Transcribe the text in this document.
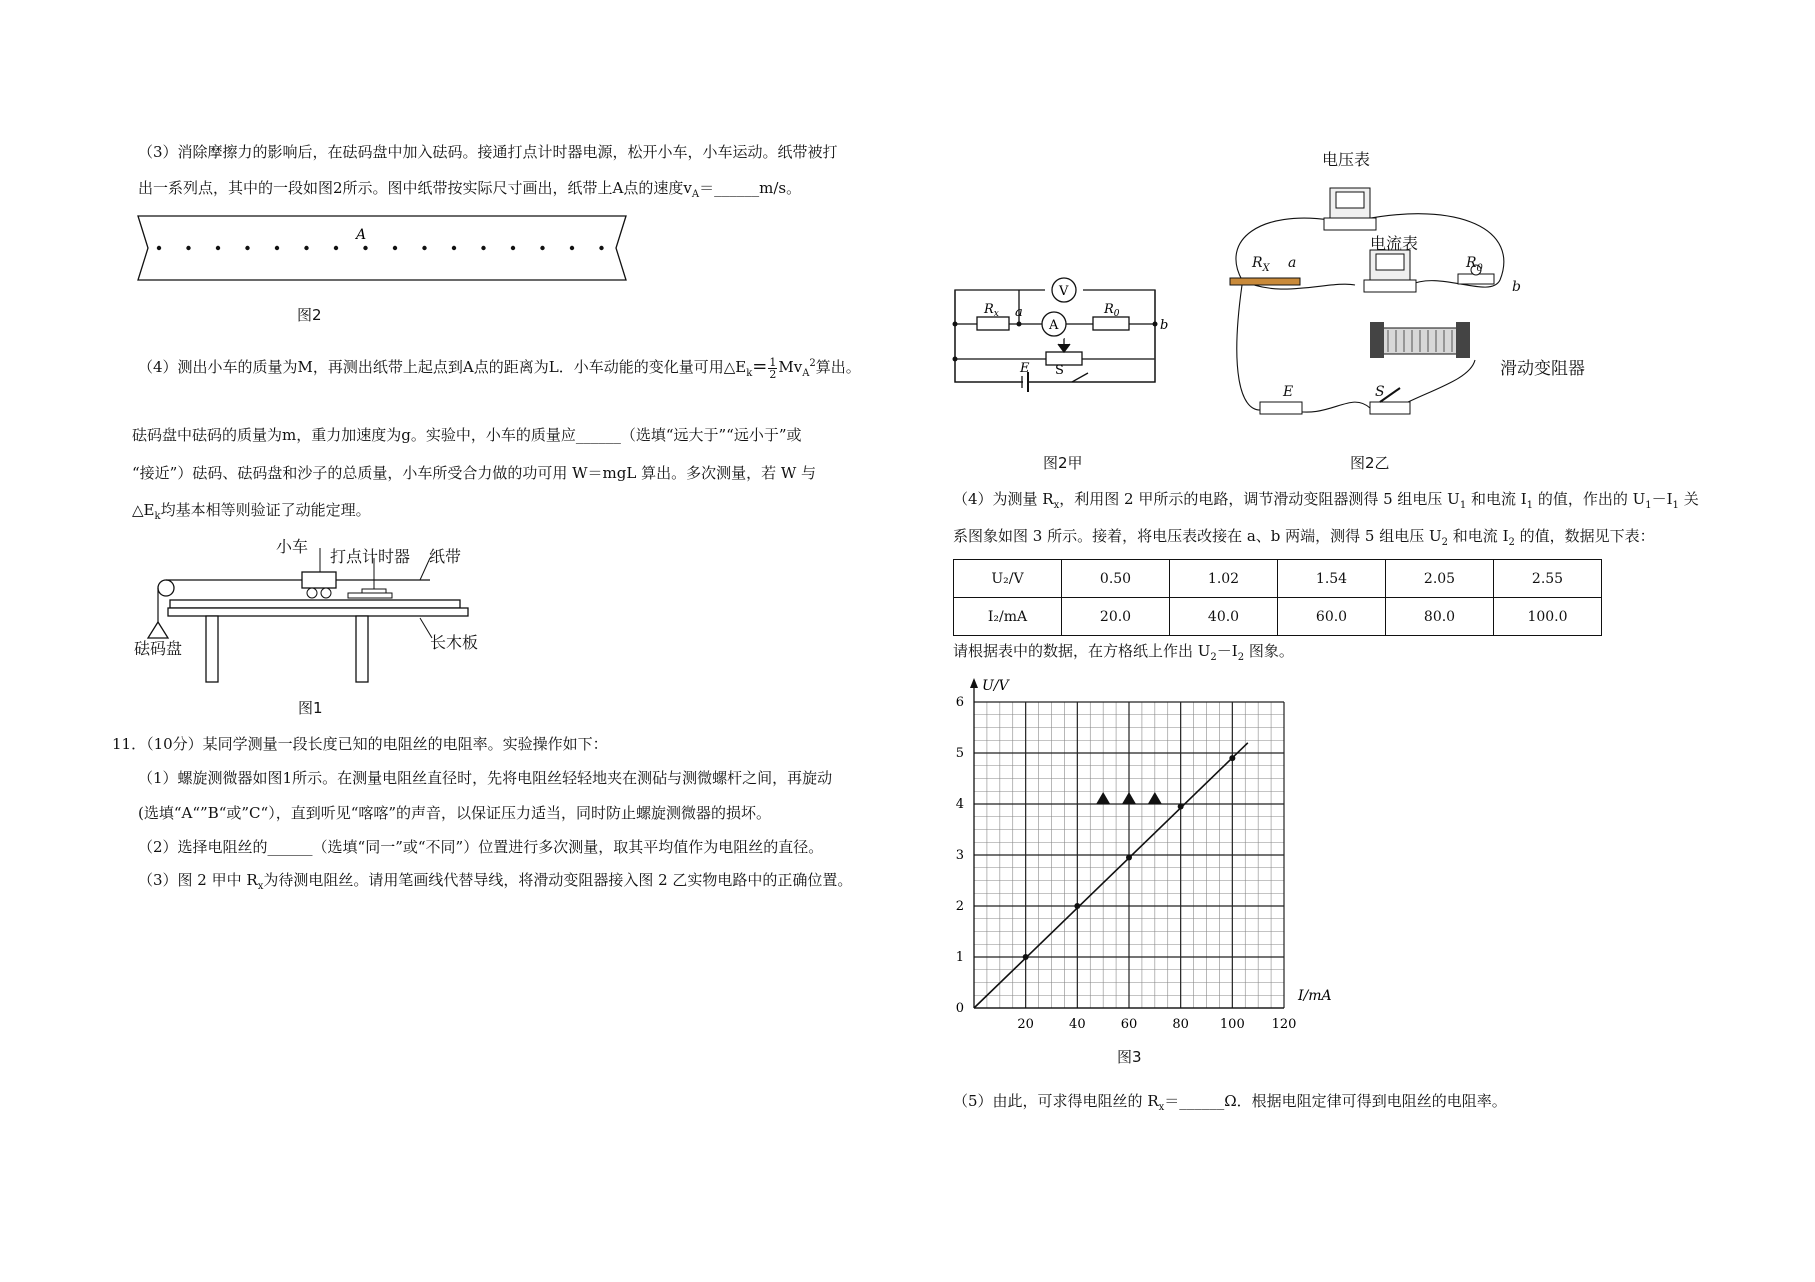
（3）消除摩擦力的影响后，在砝码盘中加入砝码。接通打点计时器电源，松开小车，小车运动。纸带被打
出一系列点，其中的一段如图2所示。图中纸带按实际尺寸画出，纸带上A点的速度$v_A=\_\_\_\_\_\_m/s$。
A
图2
（4）测出小车的质量为M，再测出纸带上起点到A点的距离为L．小车动能的变化量可用$\triangle E_k= \frac{1}{2} Mv_A^2$算出。
砝码盘中砝码的质量为m，重力加速度为g。实验中，小车的质量应______（选填“远大于”“远小于”或
“接近”）砝码、砝码盘和沙子的总质量，小车所受合力做的功可用 W＝mgL 算出。多次测量，若 W 与
$\triangle E_k$均基本相等则验证了动能定理。
小车
打点计时器 纸带
砝码盘	长木板
图1
11．（10分）某同学测量一段长度已知的电阻丝的电阻率。实验操作如下：
（1）螺旋测微器如图1所示。在测量电阻丝直径时，先将电阻丝轻轻地夹在测砧与测微螺杆之间，再旋动
(选填“A“”B“或”C“），直到听见“喀喀”的声音，以保证压力适当，同时防止螺旋测微器的损坏。
（2）选择电阻丝的______（选填“同一”或“不同”）位置进行多次测量，取其平均值作为电阻丝的直径。
（3）图 2 甲中 $R_x$为待测电阻丝。请用笔画线代替导线，将滑动变阻器接入图 2 乙实物电路中的正确位置。
V
A
$R_x$ a	$R_0$
b
E S
图2甲
电压表
电流表
$R_X$ a	$R_0$
b
滑动变阻器
E	S
图2乙
（4）为测量 $R_x$，利用图 2 甲所示的电路，调节滑动变阻器测得 5 组电压 $U_1$ 和电流 $I_1$ 的值，作出的 $U_1-I_1$ 关
系图象如图 3 所示。接着，将电压表改接在 a、b 两端，测得 5 组电压 $U_2$ 和电流 $I_2$ 的值，数据见下表：
U₂/V	0.50	1.02	1.54	2.05	2.55
I₂/mA	20.0	40.0	60.0	80.0	100.0
请根据表中的数据，在方格纸上作出 $U_2-I_2$ 图象。
20	40	60	80 100 120
0
1
2
3
4
5
6
I/mA
U/V
图3
（5）由此，可求得电阻丝的 $R_x=\_\_\_\_\_\_\Omega$．根据电阻定律可得到电阻丝的电阻率。
